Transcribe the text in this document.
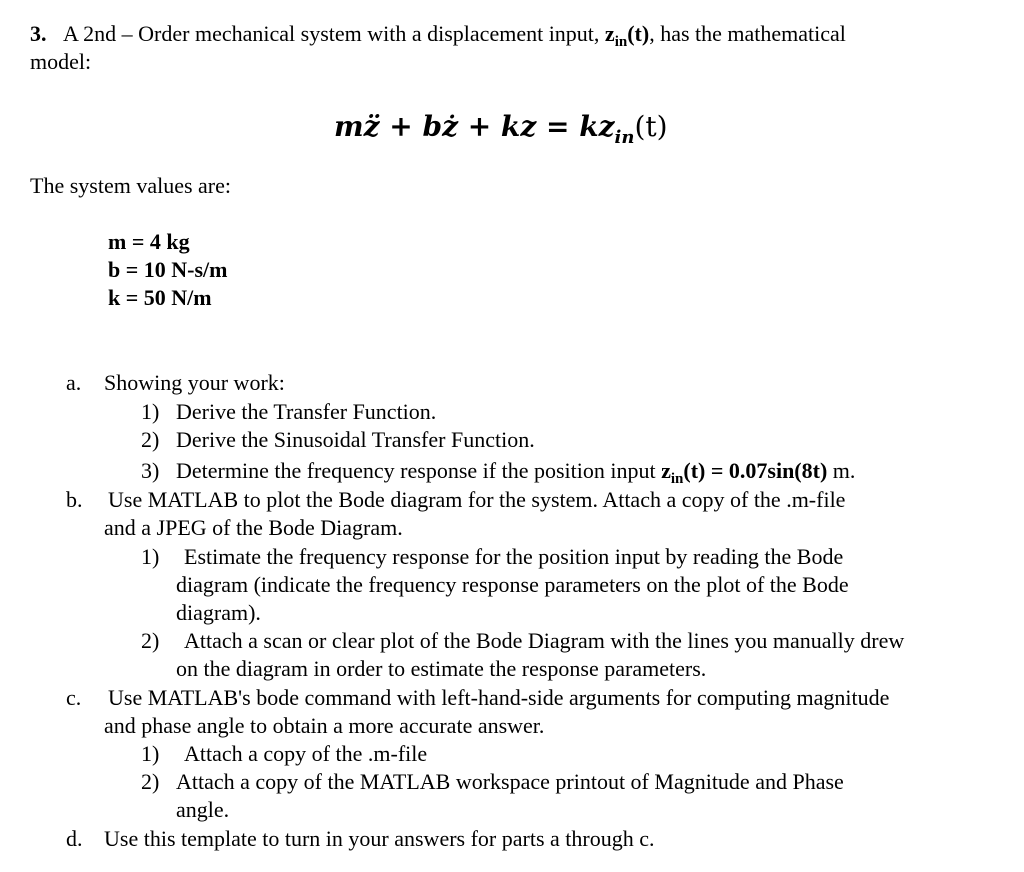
3. A 2nd – Order mechanical system with a displacement input, $z_{in}(t)$, has the mathematical
model:
mz̈ + bż + kz = $kz_{in}(t)$
The system values are:
m = 4 kg
b = 10 N-s/m
k = 50 N/m
a. Showing your work:
1) Derive the Transfer Function.
2) Derive the Sinusoidal Transfer Function.
3) Determine the frequency response if the position input $z_{in}(t) = 0.07\sin(8t)$ m.
b. Use MATLAB to plot the Bode diagram for the system. Attach a copy of the .m-file
and a JPEG of the Bode Diagram.
1) Estimate the frequency response for the position input by reading the Bode
diagram (indicate the frequency response parameters on the plot of the Bode
diagram).
2) Attach a scan or clear plot of the Bode Diagram with the lines you manually drew
on the diagram in order to estimate the response parameters.
c. Use MATLAB's bode command with left-hand-side arguments for computing magnitude
and phase angle to obtain a more accurate answer.
1) Attach a copy of the .m-file
2) Attach a copy of the MATLAB workspace printout of Magnitude and Phase
angle.
d. Use this template to turn in your answers for parts a through c.
